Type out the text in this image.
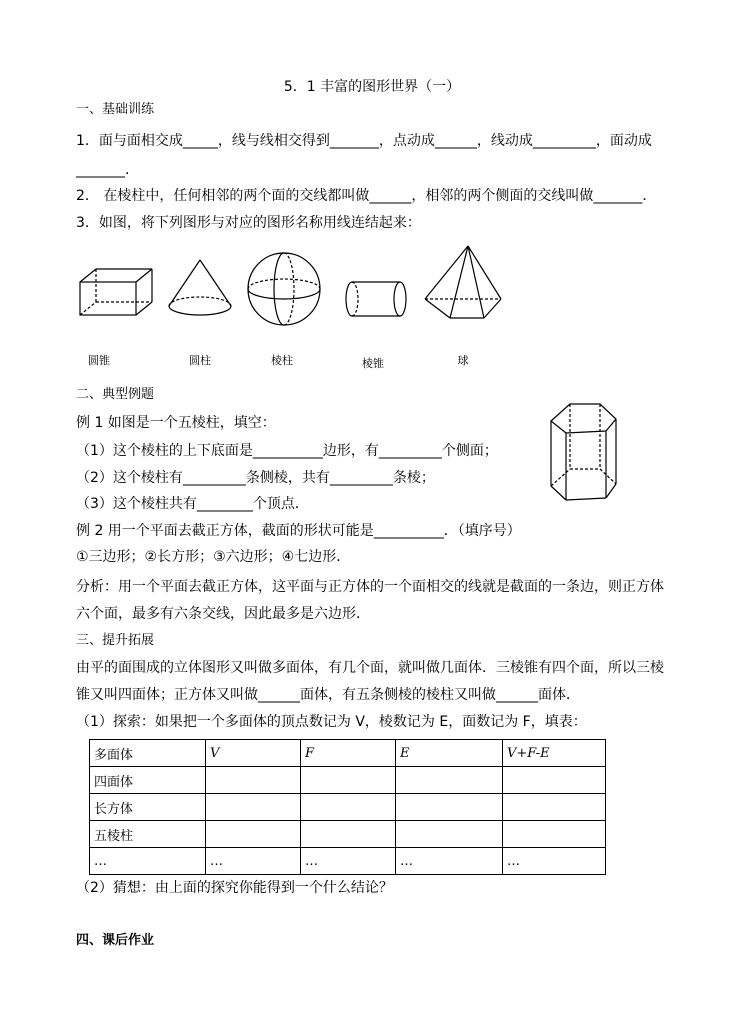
5．1 丰富的图形世界（一）
一、基础训练
1．面与面相交成_____，线与线相交得到_______，点动成______，线动成_________，面动成
_______．
2． 在棱柱中，任何相邻的两个面的交线都叫做______，相邻的两个侧面的交线叫做_______．
3．如图，将下列图形与对应的图形名称用线连结起来：
圆锥	圆柱	棱柱	棱锥	球
二、典型例题
例 1 如图是一个五棱柱，填空：
（1）这个棱柱的上下底面是__________边形，有_________个侧面；
（2）这个棱柱有_________条侧棱，共有_________条棱；
（3）这个棱柱共有________个顶点．
例 2 用一个平面去截正方体，截面的形状可能是__________．（填序号）
①三边形；②长方形；③六边形；④七边形．
分析：用一个平面去截正方体，这平面与正方体的一个面相交的线就是截面的一条边，则正方体
六个面，最多有六条交线，因此最多是六边形．
三、提升拓展
由平的面围成的立体图形又叫做多面体，有几个面，就叫做几面体．三棱锥有四个面，所以三棱
锥又叫四面体；正方体又叫做______面体，有五条侧棱的棱柱又叫做______面体．
（1）探索：如果把一个多面体的顶点数记为 V，棱数记为 E，面数记为 F，填表：
多面体	V	F	E	V+F-E
四面体				
长方体				
五棱柱				
…	…	…	…	…
（2）猜想：由上面的探究你能得到一个什么结论？
四、课后作业
